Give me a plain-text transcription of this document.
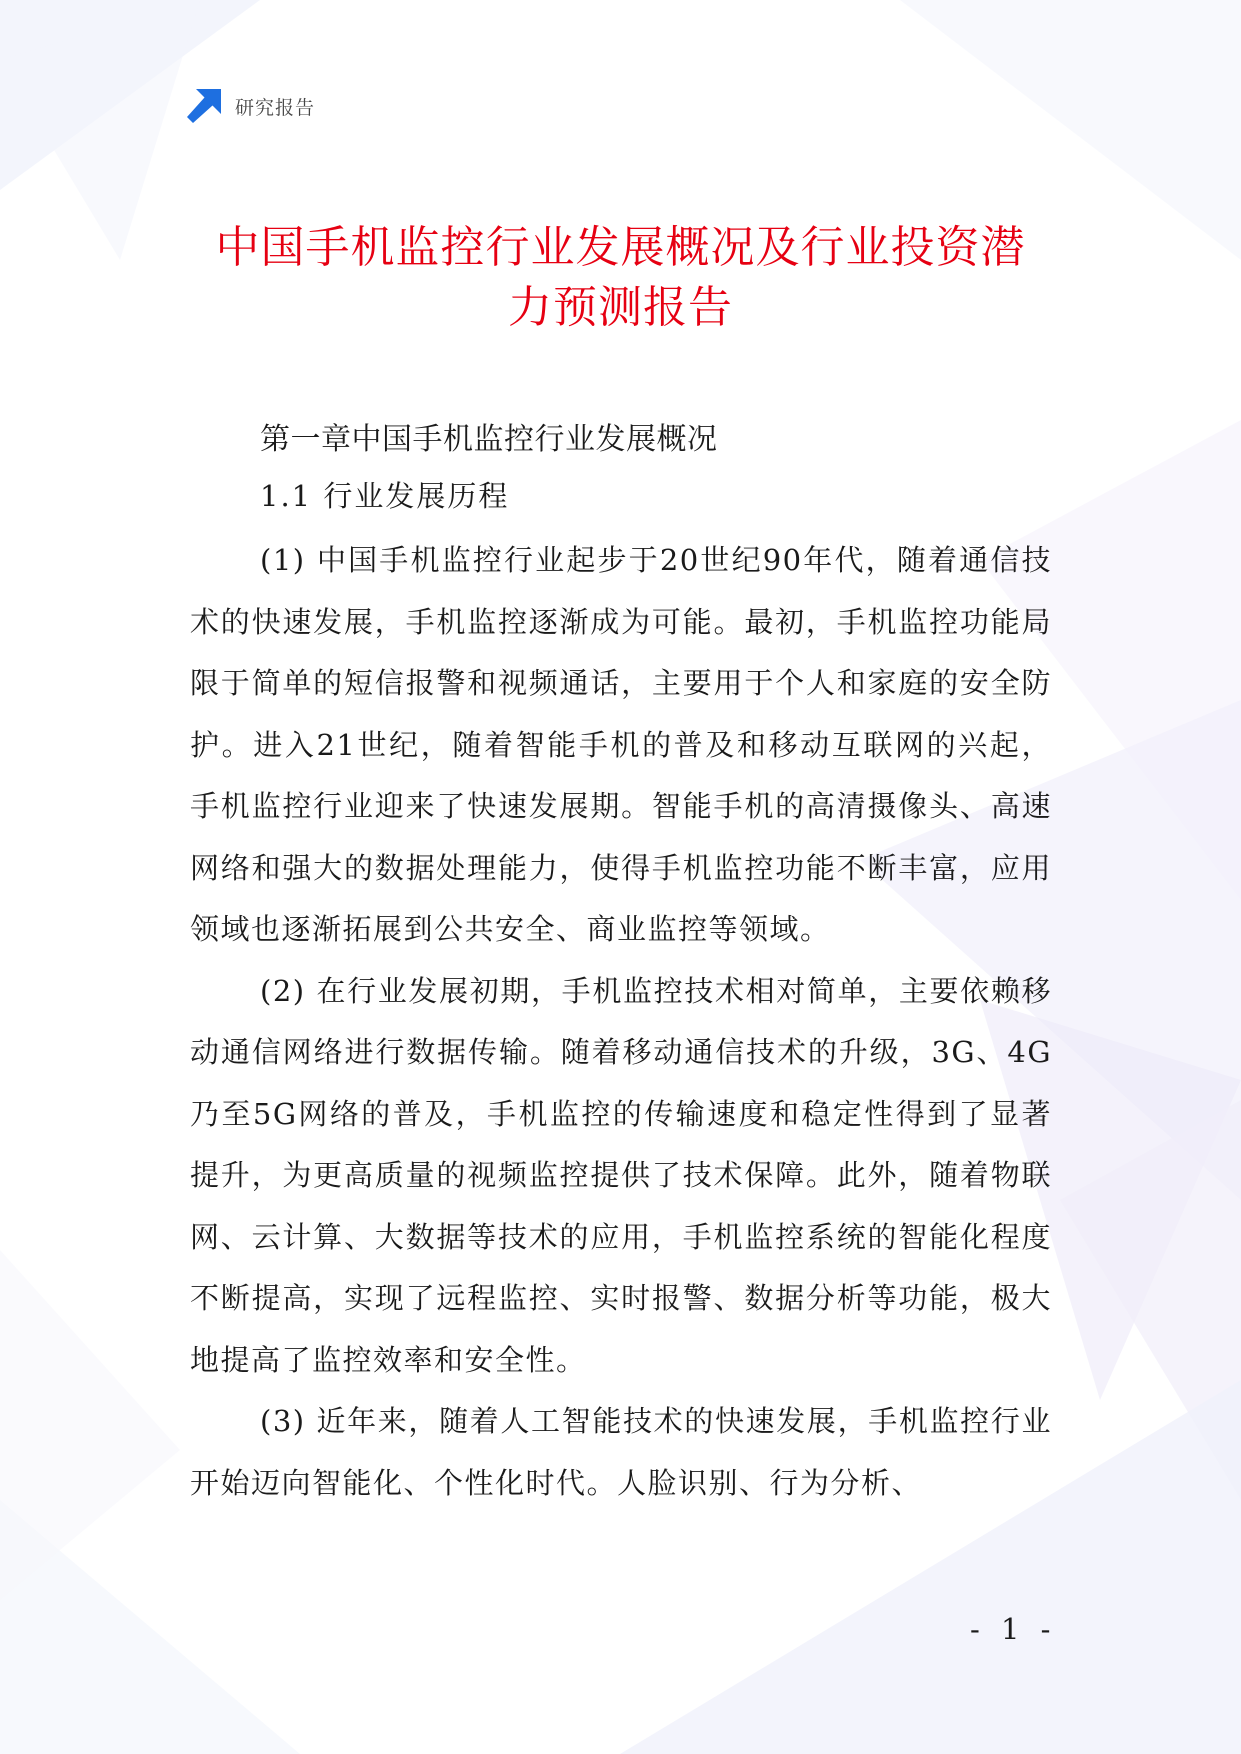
研究报告
中国手机监控行业发展概况及行业投资潜
力预测报告
第一章中国手机监控行业发展概况
1.1 行业发展历程

(1) 中国手机监控行业起步于20世纪90年代，随着通信技术的快速发展，手机监控逐渐成为可能。最初，手机监控功能局限于简单的短信报警和视频通话，主要用于个人和家庭的安全防护。进入21世纪，随着智能手机的普及和移动互联网的兴起，手机监控行业迎来了快速发展期。智能手机的高清摄像头、高速网络和强大的数据处理能力，使得手机监控功能不断丰富，应用领域也逐渐拓展到公共安全、商业监控等领域。

(2) 在行业发展初期，手机监控技术相对简单，主要依赖移动通信网络进行数据传输。随着移动通信技术的升级，3G、4G乃至5G网络的普及，手机监控的传输速度和稳定性得到了显著提升，为更高质量的视频监控提供了技术保障。此外，随着物联网、云计算、大数据等技术的应用，手机监控系统的智能化程度不断提高，实现了远程监控、实时报警、数据分析等功能，极大地提高了监控效率和安全性。

(3) 近年来，随着人工智能技术的快速发展，手机监控行业开始迈向智能化、个性化时代。人脸识别、行为分析、

- 1 -
